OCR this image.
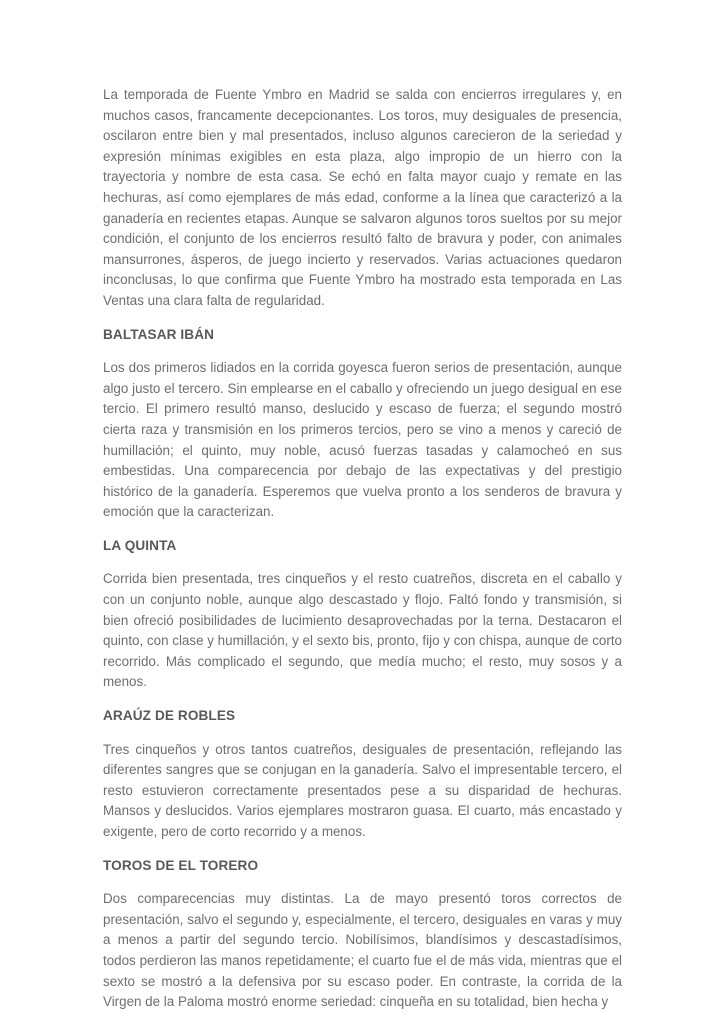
La temporada de Fuente Ymbro en Madrid se salda con encierros irregulares y, en muchos casos, francamente decepcionantes. Los toros, muy desiguales de presencia, oscilaron entre bien y mal presentados, incluso algunos carecieron de la seriedad y expresión mínimas exigibles en esta plaza, algo impropio de un hierro con la trayectoria y nombre de esta casa. Se echó en falta mayor cuajo y remate en las hechuras, así como ejemplares de más edad, conforme a la línea que caracterizó a la ganadería en recientes etapas. Aunque se salvaron algunos toros sueltos por su mejor condición, el conjunto de los encierros resultó falto de bravura y poder, con animales mansurrones, ásperos, de juego incierto y reservados. Varias actuaciones quedaron inconclusas, lo que confirma que Fuente Ymbro ha mostrado esta temporada en Las Ventas una clara falta de regularidad.

BALTASAR IBÁN

Los dos primeros lidiados en la corrida goyesca fueron serios de presentación, aunque algo justo el tercero. Sin emplearse en el caballo y ofreciendo un juego desigual en ese tercio. El primero resultó manso, deslucido y escaso de fuerza; el segundo mostró cierta raza y transmisión en los primeros tercios, pero se vino a menos y careció de humillación; el quinto, muy noble, acusó fuerzas tasadas y calamocheó en sus embestidas. Una comparecencia por debajo de las expectativas y del prestigio histórico de la ganadería. Esperemos que vuelva pronto a los senderos de bravura y emoción que la caracterizan.

LA QUINTA

Corrida bien presentada, tres cinqueños y el resto cuatreños, discreta en el caballo y con un conjunto noble, aunque algo descastado y flojo. Faltó fondo y transmisión, si bien ofreció posibilidades de lucimiento desaprovechadas por la terna. Destacaron el quinto, con clase y humillación, y el sexto bis, pronto, fijo y con chispa, aunque de corto recorrido. Más complicado el segundo, que medía mucho; el resto, muy sosos y a menos.

ARAÚZ DE ROBLES

Tres cinqueños y otros tantos cuatreños, desiguales de presentación, reflejando las diferentes sangres que se conjugan en la ganadería. Salvo el impresentable tercero, el resto estuvieron correctamente presentados pese a su disparidad de hechuras. Mansos y deslucidos. Varios ejemplares mostraron guasa. El cuarto, más encastado y exigente, pero de corto recorrido y a menos.

TOROS DE EL TORERO

Dos comparecencias muy distintas. La de mayo presentó toros correctos de presentación, salvo el segundo y, especialmente, el tercero, desiguales en varas y muy a menos a partir del segundo tercio. Nobilísimos, blandísimos y descastadísimos, todos perdieron las manos repetidamente; el cuarto fue el de más vida, mientras que el sexto se mostró a la defensiva por su escaso poder. En contraste, la corrida de la Virgen de la Paloma mostró enorme seriedad: cinqueña en su totalidad, bien hecha y
